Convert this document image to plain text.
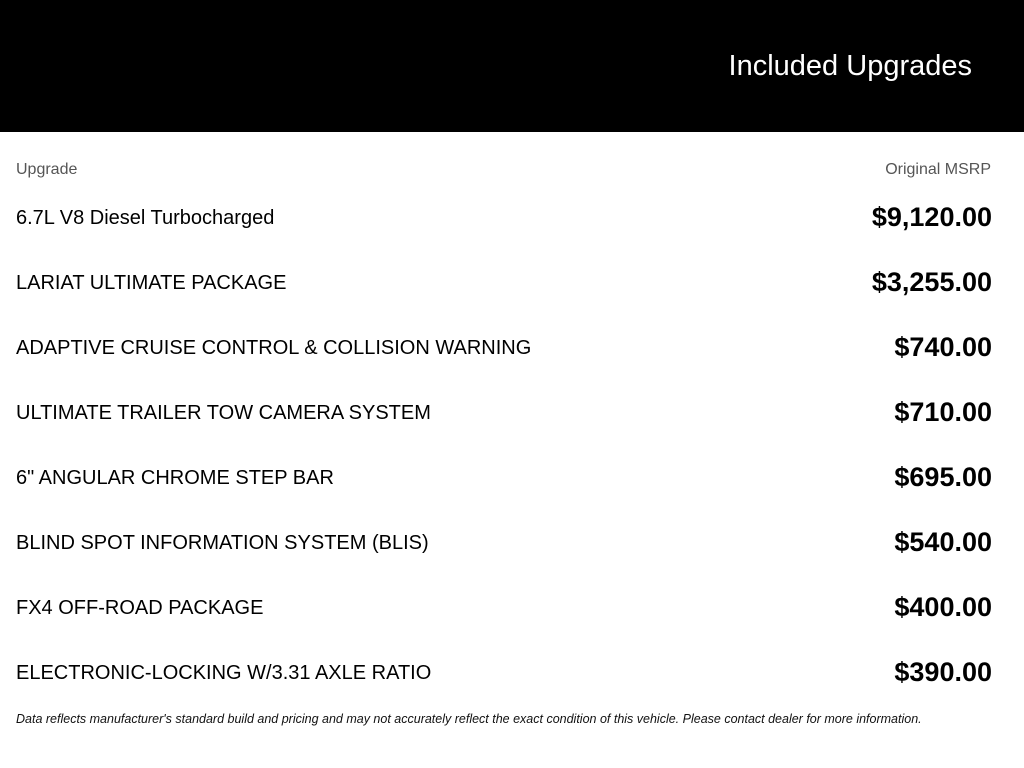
Included Upgrades
Upgrade	Original MSRP
6.7L V8 Diesel Turbocharged	$9,120.00
LARIAT ULTIMATE PACKAGE	$3,255.00
ADAPTIVE CRUISE CONTROL & COLLISION WARNING	$740.00
ULTIMATE TRAILER TOW CAMERA SYSTEM	$710.00
6" ANGULAR CHROME STEP BAR	$695.00
BLIND SPOT INFORMATION SYSTEM (BLIS)	$540.00
FX4 OFF-ROAD PACKAGE	$400.00
ELECTRONIC-LOCKING W/3.31 AXLE RATIO	$390.00
Data reflects manufacturer's standard build and pricing and may not accurately reflect the exact condition of this vehicle. Please contact dealer for more information.
